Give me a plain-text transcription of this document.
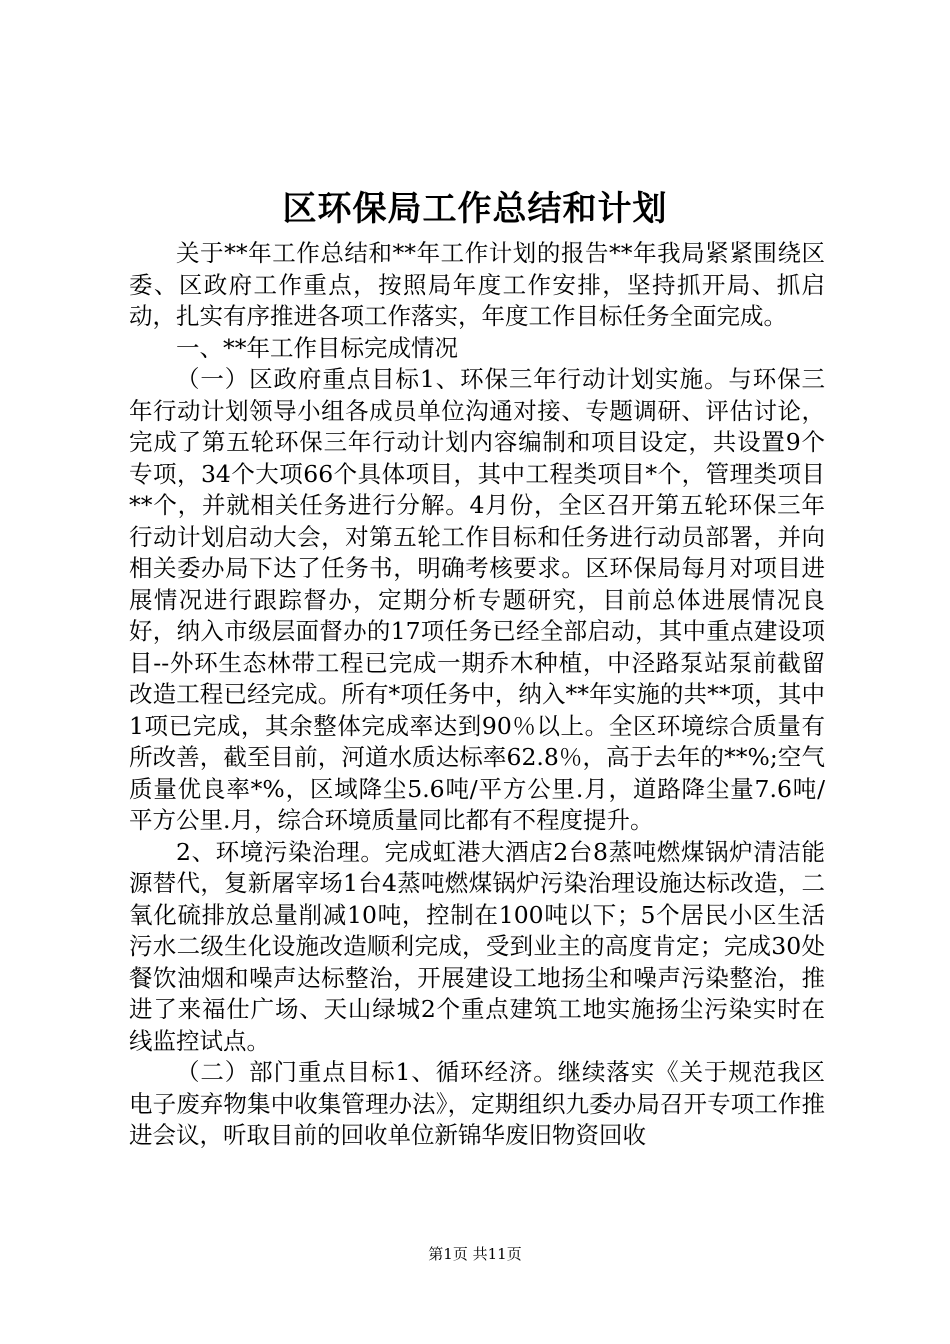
区环保局工作总结和计划

关于**年工作总结和**年工作计划的报告**年我局紧紧围绕区委、区政府工作重点，按照局年度工作安排，坚持抓开局、抓启动，扎实有序推进各项工作落实，年度工作目标任务全面完成。

一、**年工作目标完成情况

（一）区政府重点目标1、环保三年行动计划实施。与环保三年行动计划领导小组各成员单位沟通对接、专题调研、评估讨论，完成了第五轮环保三年行动计划内容编制和项目设定，共设置9个专项，34个大项66个具体项目，其中工程类项目*个，管理类项目**个，并就相关任务进行分解。4月份，全区召开第五轮环保三年行动计划启动大会，对第五轮工作目标和任务进行动员部署，并向相关委办局下达了任务书，明确考核要求。区环保局每月对项目进展情况进行跟踪督办，定期分析专题研究，目前总体进展情况良好，纳入市级层面督办的17项任务已经全部启动，其中重点建设项目--外环生态林带工程已完成一期乔木种植，中泾路泵站泵前截留改造工程已经完成。所有*项任务中，纳入**年实施的共**项，其中1项已完成，其余整体完成率达到90％以上。全区环境综合质量有所改善，截至目前，河道水质达标率62.8％，高于去年的**%;空气质量优良率*%，区域降尘5.6吨/平方公里.月，道路降尘量7.6吨/平方公里.月，综合环境质量同比都有不程度提升。

2、环境污染治理。完成虹港大酒店2台8蒸吨燃煤锅炉清洁能源替代，复新屠宰场1台4蒸吨燃煤锅炉污染治理设施达标改造，二氧化硫排放总量削减10吨，控制在100吨以下；5个居民小区生活污水二级生化设施改造顺利完成，受到业主的高度肯定；完成30处餐饮油烟和噪声达标整治，开展建设工地扬尘和噪声污染整治，推进了来福仕广场、天山绿城2个重点建筑工地实施扬尘污染实时在线监控试点。

（二）部门重点目标1、循环经济。继续落实《关于规范我区电子废弃物集中收集管理办法》，定期组织九委办局召开专项工作推进会议，听取目前的回收单位新锦华废旧物资回收

第1页 共11页
